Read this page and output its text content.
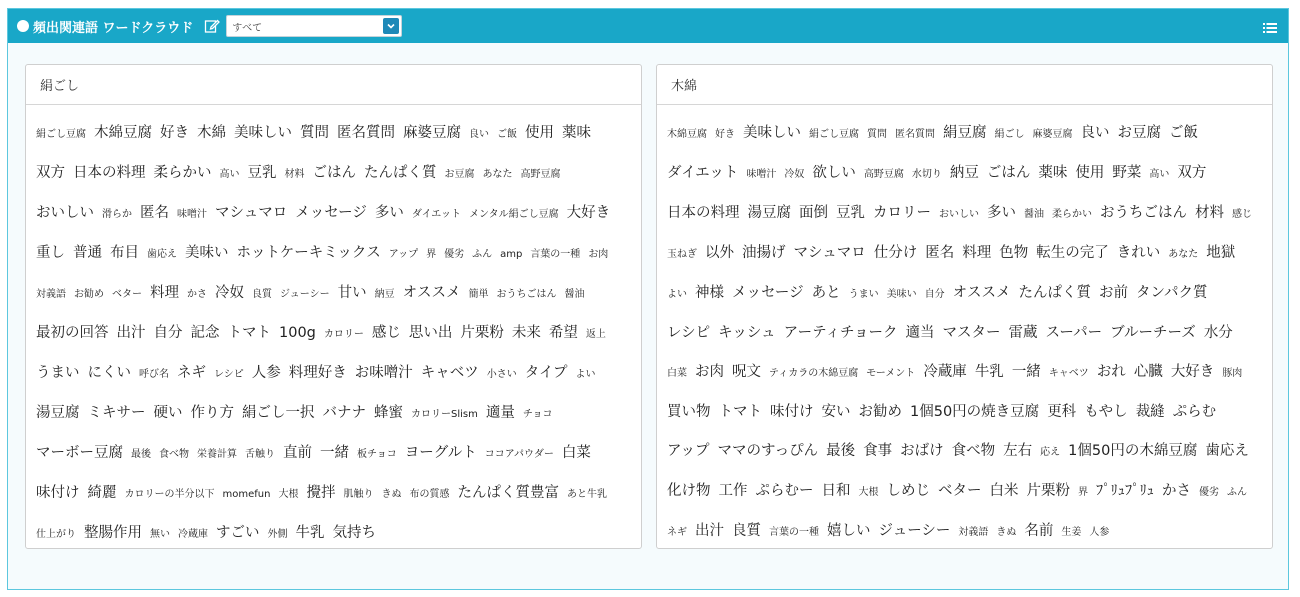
頻出関連語 ワードクラウド	すべて
絹ごし
絹ごし豆腐 木綿豆腐 好き 木綿 美味しい 質問 匿名質問 麻婆豆腐 良い ご飯 使用 薬味双方 日本の料理 柔らかい 高い 豆乳 材料 ごはん たんぱく質 お豆腐 あなた 高野豆腐おいしい 滑らか 匿名 味噌汁 マシュマロ メッセージ 多い ダイエット メンタル絹ごし豆腐 大好き重し 普通 布目 歯応え 美味い ホットケーキミックス アップ 界 優劣 ふん amp 言葉の一種 お肉対義語 お勧め ベター 料理 かさ 冷奴 良質 ジューシー 甘い 納豆 オススメ 簡単 おうちごはん 醤油最初の回答 出汁 自分 記念 トマト 100g カロリー 感じ 思い出 片栗粉 未来 希望 返上うまい にくい 呼び名 ネギ レシピ 人参 料理好き お味噌汁 キャベツ 小さい タイプ よい湯豆腐 ミキサー 硬い 作り方 絹ごし一択 バナナ 蜂蜜 カロリーSlism 適量 チョコマーボー豆腐 最後 食べ物 栄養計算 舌触り 直前 一緒 板チョコ ヨーグルト ココアパウダー 白菜味付け 綺麗 カロリーの半分以下 momefun 大根 攪拌 肌触り きぬ 布の質感 たんぱく質豊富 あと牛乳仕上がり 整腸作用 無い 冷蔵庫 すごい 外側 牛乳 気持ち
木綿
木綿豆腐 好き 美味しい 絹ごし豆腐 質問 匿名質問 絹豆腐 絹ごし 麻婆豆腐 良い お豆腐 ご飯ダイエット 味噌汁 冷奴 欲しい 高野豆腐 水切り 納豆 ごはん 薬味 使用 野菜 高い 双方日本の料理 湯豆腐 面倒 豆乳 カロリー おいしい 多い 醤油 柔らかい おうちごはん 材料 感じ玉ねぎ 以外 油揚げ マシュマロ 仕分け 匿名 料理 色物 転生の完了 きれい あなた 地獄よい 神様 メッセージ あと うまい 美味い 自分 オススメ たんぱく質 お前 タンパク質レシピ キッシュ アーティチョーク 適当 マスター 雷蔵 スーパー ブルーチーズ 水分白菜 お肉 呪文 ティカラの木綿豆腐 モーメント 冷蔵庫 牛乳 一緒 キャベツ おれ 心臓 大好き 豚肉買い物 トマト 味付け 安い お勧め 1個50円の焼き豆腐 更科 もやし 裁縫 ぷらむアップ ママのすっぴん 最後 食事 おばけ 食べ物 左右 応え 1個50円の木綿豆腐 歯応え化け物 工作 ぷらむー 日和 大根 しめじ ベター 白米 片栗粉 界 ﾌﾟﾘｭﾌﾟﾘｭ かさ 優劣 ふんネギ 出汁 良質 言葉の一種 嬉しい ジューシー 対義語 きぬ 名前 生姜 人参
